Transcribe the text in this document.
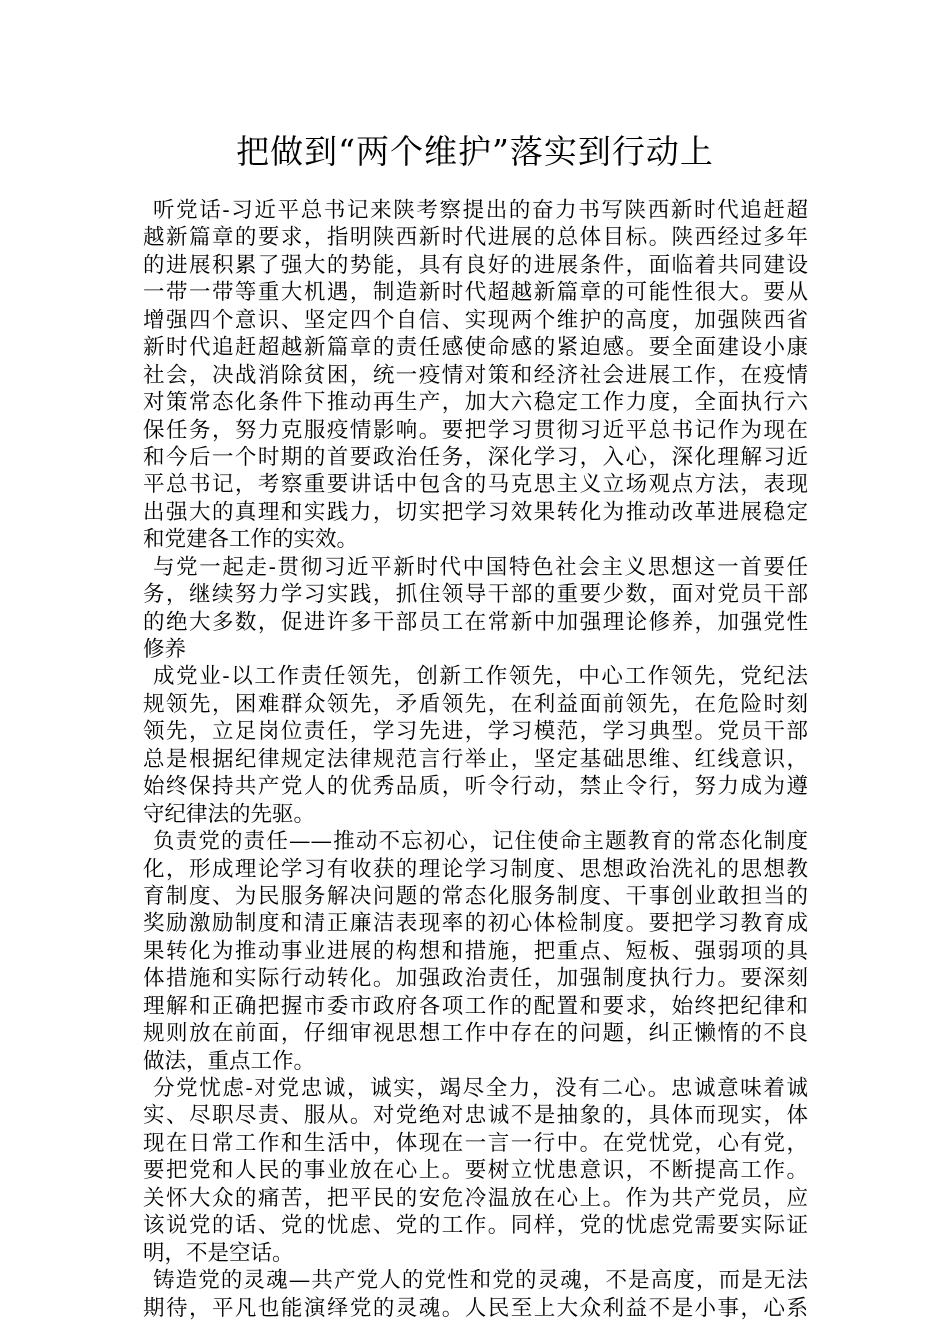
把做到“两个维护”落实到行动上
听党话-习近平总书记来陕考察提出的奋力书写陕西新时代追赶超
越新篇章的要求，指明陕西新时代进展的总体目标。陕西经过多年
的进展积累了强大的势能，具有良好的进展条件，面临着共同建设
一带一带等重大机遇，制造新时代超越新篇章的可能性很大。要从
增强四个意识、坚定四个自信、实现两个维护的高度，加强陕西省
新时代追赶超越新篇章的责任感使命感的紧迫感。要全面建设小康
社会，决战消除贫困，统一疫情对策和经济社会进展工作，在疫情
对策常态化条件下推动再生产，加大六稳定工作力度，全面执行六
保任务，努力克服疫情影响。要把学习贯彻习近平总书记作为现在
和今后一个时期的首要政治任务，深化学习，入心，深化理解习近
平总书记，考察重要讲话中包含的马克思主义立场观点方法，表现
出强大的真理和实践力，切实把学习效果转化为推动改革进展稳定
和党建各工作的实效。
与党一起走-贯彻习近平新时代中国特色社会主义思想这一首要任
务，继续努力学习实践，抓住领导干部的重要少数，面对党员干部
的绝大多数，促进许多干部员工在常新中加强理论修养，加强党性
修养
成党业-以工作责任领先，创新工作领先，中心工作领先，党纪法
规领先，困难群众领先，矛盾领先，在利益面前领先，在危险时刻
领先，立足岗位责任，学习先进，学习模范，学习典型。党员干部
总是根据纪律规定法律规范言行举止，坚定基础思维、红线意识，
始终保持共产党人的优秀品质，听令行动，禁止令行，努力成为遵
守纪律法的先驱。
负责党的责任——推动不忘初心，记住使命主题教育的常态化制度
化，形成理论学习有收获的理论学习制度、思想政治洗礼的思想教
育制度、为民服务解决问题的常态化服务制度、干事创业敢担当的
奖励激励制度和清正廉洁表现率的初心体检制度。要把学习教育成
果转化为推动事业进展的构想和措施，把重点、短板、强弱项的具
体措施和实际行动转化。加强政治责任，加强制度执行力。要深刻
理解和正确把握市委市政府各项工作的配置和要求，始终把纪律和
规则放在前面，仔细审视思想工作中存在的问题，纠正懒惰的不良
做法，重点工作。
分党忧虑-对党忠诚，诚实，竭尽全力，没有二心。忠诚意味着诚
实、尽职尽责、服从。对党绝对忠诚不是抽象的，具体而现实，体
现在日常工作和生活中，体现在一言一行中。在党忧党，心有党，
要把党和人民的事业放在心上。要树立忧患意识，不断提高工作。
关怀大众的痛苦，把平民的安危冷温放在心上。作为共产党员，应
该说党的话、党的忧虑、党的工作。同样，党的忧虑党需要实际证
明，不是空话。
铸造党的灵魂—共产党人的党性和党的灵魂，不是高度，而是无法
期待，平凡也能演绎党的灵魂。人民至上大众利益不是小事，心系
